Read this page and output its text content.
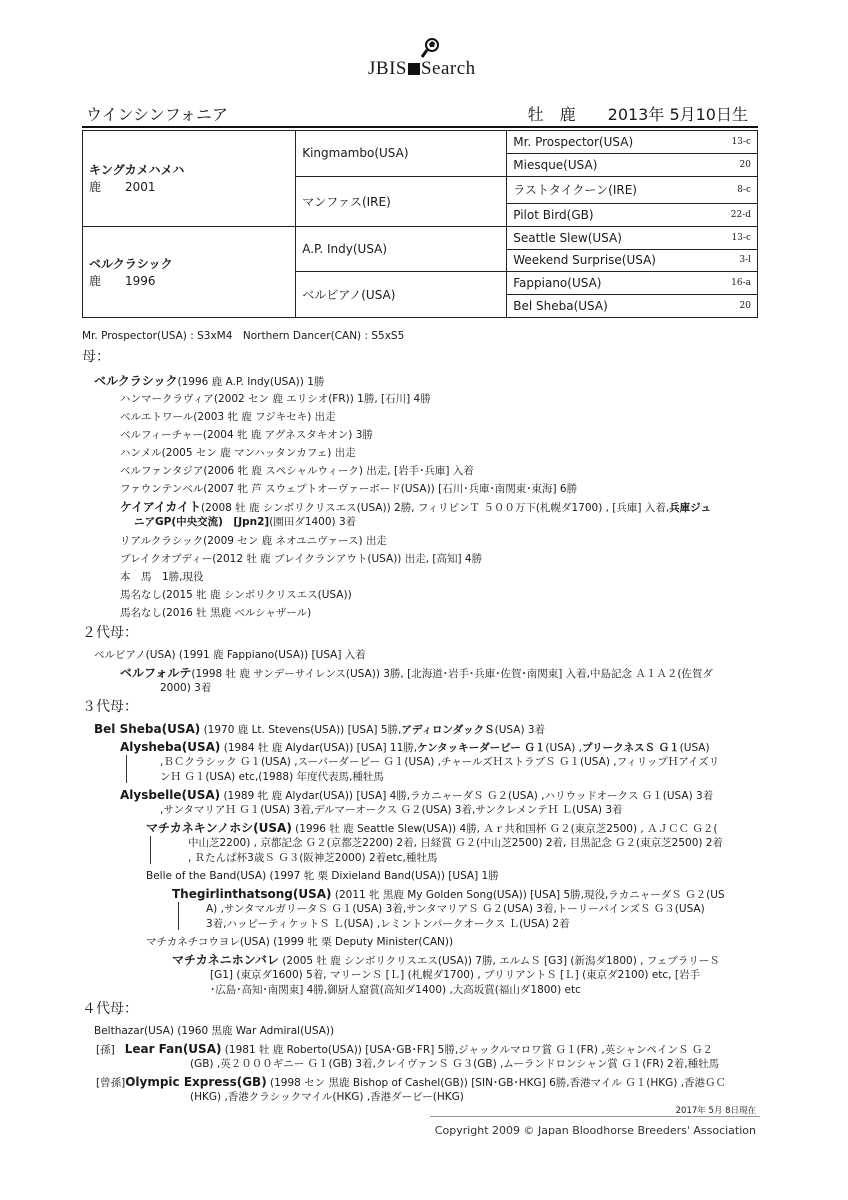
JBIS Search
ウインシンフォニア	牡　鹿　　2013年 5月10日生
キングカメハメハ
鹿　　2001	Kingmambo(USA)	Mr. Prospector(USA)	13-c
		Miesque(USA)	20
	マンファス(IRE)	ラストタイクーン(IRE)	8-c
		Pilot Bird(GB)	22-d

ベルクラシック
鹿　　1996	A.P. Indy(USA)	Seattle Slew(USA)	13-c
		Weekend Surprise(USA)	3-l
	ベルビアノ(USA)	Fappiano(USA)	16-a
		Bel Sheba(USA)	20
Mr. Prospector(USA) : S3xM4　Northern Dancer(CAN) : S5xS5
母：
ベルクラシック(1996 鹿 A.P. Indy(USA)) 1勝
ハンマークラヴィア(2002 セン 鹿 エリシオ(FR)) 1勝, [石川] 4勝
ベルエトワール(2003 牝 鹿 フジキセキ) 出走
ベルフィーチャー(2004 牝 鹿 アグネスタキオン) 3勝
ハンメル(2005 セン 鹿 マンハッタンカフェ) 出走
ベルファンタジア(2006 牝 鹿 スペシャルウィーク) 出走, [岩手･兵庫] 入着
ファウンテンベル(2007 牝 芦 スウェプトオーヴァーボード(USA)) [石川･兵庫･南関東･東海] 6勝
ケイアイカイト(2008 牡 鹿 シンボリクリスエス(USA)) 2勝, フィリピンＴ ５００万下(札幌ダ1700) , [兵庫] 入着,兵庫ジュ
ニアGP(中央交流)　[Jpn2](園田ダ1400) 3着
リアルクラシック(2009 セン 鹿 ネオユニヴァース) 出走
ブレイクオブディー(2012 牡 鹿 ブレイクランアウト(USA)) 出走, [高知] 4勝
本　馬　1勝,現役
馬名なし(2015 牝 鹿 シンボリクリスエス(USA))
馬名なし(2016 牡 黒鹿 ベルシャザール)
２代母：
ベルビアノ(USA) (1991 鹿 Fappiano(USA)) [USA] 入着
ベルフォルテ(1998 牡 鹿 サンデーサイレンス(USA)) 3勝, [北海道･岩手･兵庫･佐賀･南関東] 入着,中島記念 Ａ１Ａ２(佐賀ダ
2000) 3着
３代母：
Bel Sheba(USA) (1970 鹿 Lt. Stevens(USA)) [USA] 5勝,アディロンダックＳ(USA) 3着
Alysheba(USA) (1984 牡 鹿 Alydar(USA)) [USA] 11勝,ケンタッキーダービー Ｇ１(USA) ,プリークネスＳ Ｇ１(USA)
,ＢＣクラシック Ｇ１(USA) ,スーパーダービー Ｇ１(USA) ,チャールズＨストラブＳ Ｇ１(USA) ,フィリップＨアイズリ
ンＨ Ｇ１(USA) etc,(1988) 年度代表馬,種牡馬
Alysbelle(USA) (1989 牝 鹿 Alydar(USA)) [USA] 4勝,ラカニャーダＳ Ｇ２(USA) ,ハリウッドオークス Ｇ１(USA) 3着
,サンタマリアＨ Ｇ１(USA) 3着,デルマーオークス Ｇ２(USA) 3着,サンクレメンテＨ Ｌ(USA) 3着
マチカネキンノホシ(USA) (1996 牡 鹿 Seattle Slew(USA)) 4勝, Ａｒ共和国杯 Ｇ２(東京芝2500) , ＡＪＣＣ Ｇ２(
中山芝2200) , 京都記念 Ｇ２(京都芝2200) 2着, 日経賞 Ｇ２(中山芝2500) 2着, 目黒記念 Ｇ２(東京芝2500) 2着
, Ｒたんぱ杯3歳Ｓ Ｇ３(阪神芝2000) 2着etc,種牡馬
Belle of the Band(USA) (1997 牝 栗 Dixieland Band(USA)) [USA] 1勝
Thegirlinthatsong(USA) (2011 牝 黒鹿 My Golden Song(USA)) [USA] 5勝,現役,ラカニャーダＳ Ｇ２(US
A) ,サンタマルガリータＳ Ｇ１(USA) 3着,サンタマリアＳ Ｇ２(USA) 3着,トーリーパインズＳ Ｇ３(USA)
3着,ハッピーティケットＳ Ｌ(USA) ,レミントンパークオークス Ｌ(USA) 2着
マチカネチコウヨレ(USA) (1999 牝 栗 Deputy Minister(CAN))
マチカネニホンバレ (2005 牡 鹿 シンボリクリスエス(USA)) 7勝, エルムＳ [G3] (新潟ダ1800) , フェブラリーＳ
[G1] (東京ダ1600) 5着, マリーンＳ [Ｌ] (札幌ダ1700) , ブリリアントＳ [Ｌ] (東京ダ2100) etc, [岩手
･広島･高知･南関東] 4勝,御厨人窟賞(高知ダ1400) ,大高坂賞(福山ダ1800) etc
４代母：
Belthazar(USA) (1960 黒鹿 War Admiral(USA))
[孫] Lear Fan(USA) (1981 牡 鹿 Roberto(USA)) [USA･GB･FR] 5勝,ジャックルマロワ賞 Ｇ１(FR) ,英シャンペインＳ Ｇ２
(GB) ,英２０００ギニー Ｇ１(GB) 3着,クレイヴァンＳ Ｇ３(GB) ,ムーランドロンシャン賞 Ｇ１(FR) 2着,種牡馬
[曾孫]Olympic Express(GB) (1998 セン 黒鹿 Bishop of Cashel(GB)) [SIN･GB･HKG] 6勝,香港マイル Ｇ１(HKG) ,香港ＧＣ
(HKG) ,香港クラシックマイル(HKG) ,香港ダービー(HKG)
2017年 5月 8日現在
Copyright 2009 © Japan Bloodhorse Breeders' Association
